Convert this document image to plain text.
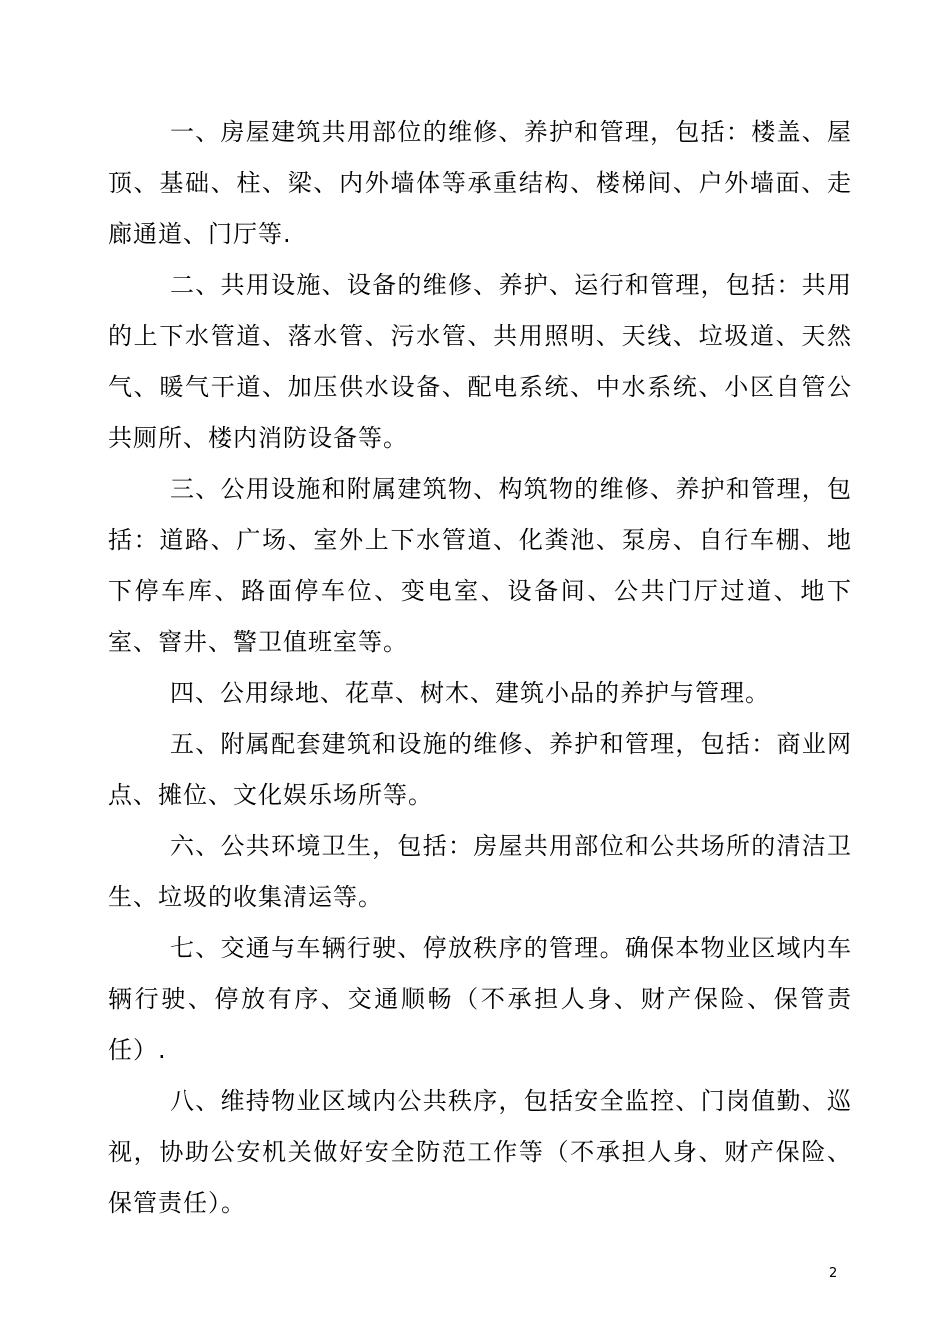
一、房屋建筑共用部位的维修、养护和管理，包括：楼盖、屋顶、基础、柱、梁、内外墙体等承重结构、楼梯间、户外墙面、走廊通道、门厅等.

二、共用设施、设备的维修、养护、运行和管理，包括：共用的上下水管道、落水管、污水管、共用照明、天线、垃圾道、天然气、暖气干道、加压供水设备、配电系统、中水系统、小区自管公共厕所、楼内消防设备等。

三、公用设施和附属建筑物、构筑物的维修、养护和管理，包括：道路、广场、室外上下水管道、化粪池、泵房、自行车棚、地下停车库、路面停车位、变电室、设备间、公共门厅过道、地下室、窨井、警卫值班室等。

四、公用绿地、花草、树木、建筑小品的养护与管理。

五、附属配套建筑和设施的维修、养护和管理，包括：商业网点、摊位、文化娱乐场所等。

六、公共环境卫生，包括：房屋共用部位和公共场所的清洁卫生、垃圾的收集清运等。

七、交通与车辆行驶、停放秩序的管理。确保本物业区域内车辆行驶、停放有序、交通顺畅（不承担人身、财产保险、保管责任）.

八、维持物业区域内公共秩序，包括安全监控、门岗值勤、巡视，协助公安机关做好安全防范工作等（不承担人身、财产保险、保管责任）。

2
